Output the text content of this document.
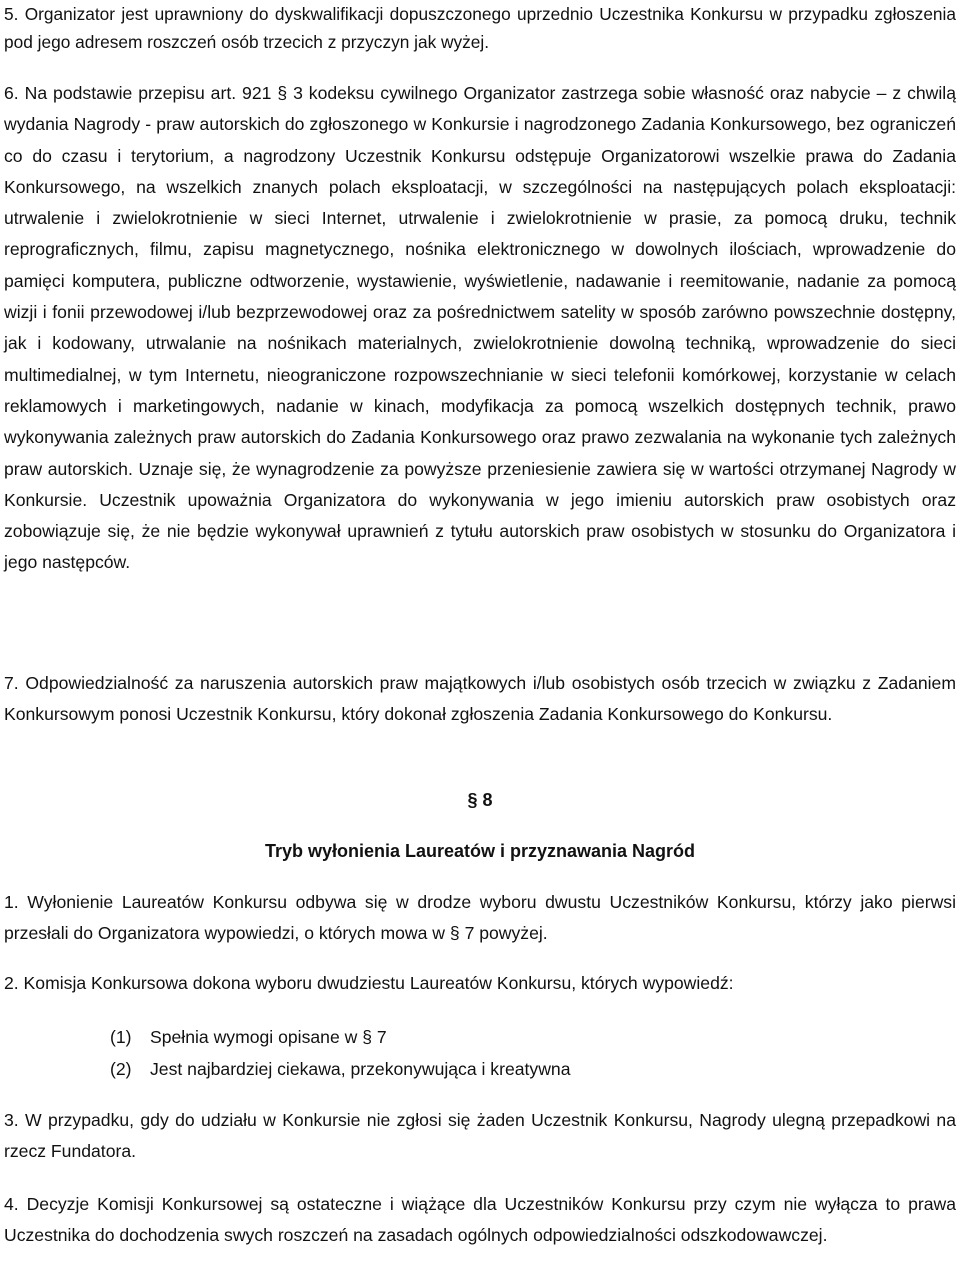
5. Organizator jest uprawniony do dyskwalifikacji dopuszczonego uprzednio Uczestnika Konkursu w przypadku zgłoszenia pod jego adresem roszczeń osób trzecich z przyczyn jak wyżej.

6. Na podstawie przepisu art. 921 § 3 kodeksu cywilnego Organizator zastrzega sobie własność oraz nabycie – z chwilą wydania Nagrody - praw autorskich do zgłoszonego w Konkursie i nagrodzonego Zadania Konkursowego, bez ograniczeń co do czasu i terytorium, a nagrodzony Uczestnik Konkursu odstępuje Organizatorowi wszelkie prawa do Zadania Konkursowego, na wszelkich znanych polach eksploatacji, w szczególności na następujących polach eksploatacji: utrwalenie i zwielokrotnienie w sieci Internet, utrwalenie i zwielokrotnienie w prasie, za pomocą druku, technik reprograficznych, filmu, zapisu magnetycznego, nośnika elektronicznego w dowolnych ilościach, wprowadzenie do pamięci komputera, publiczne odtworzenie, wystawienie, wyświetlenie, nadawanie i reemitowanie, nadanie za pomocą wizji i fonii przewodowej i/lub bezprzewodowej oraz za pośrednictwem satelity w sposób zarówno powszechnie dostępny, jak i kodowany, utrwalanie na nośnikach materialnych, zwielokrotnienie dowolną techniką, wprowadzenie do sieci multimedialnej, w tym Internetu, nieograniczone rozpowszechnianie w sieci telefonii komórkowej, korzystanie w celach reklamowych i marketingowych, nadanie w kinach, modyfikacja za pomocą wszelkich dostępnych technik, prawo wykonywania zależnych praw autorskich do Zadania Konkursowego oraz prawo zezwalania na wykonanie tych zależnych praw autorskich. Uznaje się, że wynagrodzenie za powyższe przeniesienie zawiera się w wartości otrzymanej Nagrody w Konkursie. Uczestnik upoważnia Organizatora do wykonywania w jego imieniu autorskich praw osobistych oraz zobowiązuje się, że nie będzie wykonywał uprawnień z tytułu autorskich praw osobistych w stosunku do Organizatora i jego następców.

7. Odpowiedzialność za naruszenia autorskich praw majątkowych i/lub osobistych osób trzecich w związku z Zadaniem Konkursowym ponosi Uczestnik Konkursu, który dokonał zgłoszenia Zadania Konkursowego do Konkursu.

§ 8

Tryb wyłonienia Laureatów i przyznawania Nagród

1. Wyłonienie Laureatów Konkursu odbywa się w drodze wyboru dwustu Uczestników Konkursu, którzy jako pierwsi przesłali do Organizatora wypowiedzi, o których mowa w § 7 powyżej.

2. Komisja Konkursowa dokona wyboru dwudziestu Laureatów Konkursu, których wypowiedź:

(1) Spełnia wymogi opisane w § 7
(2) Jest najbardziej ciekawa, przekonywująca i kreatywna

3. W przypadku, gdy do udziału w Konkursie nie zgłosi się żaden Uczestnik Konkursu, Nagrody ulegną przepadkowi na rzecz Fundatora.

4. Decyzje Komisji Konkursowej są ostateczne i wiążące dla Uczestników Konkursu przy czym nie wyłącza to prawa Uczestnika do dochodzenia swych roszczeń na zasadach ogólnych odpowiedzialności odszkodowawczej.
